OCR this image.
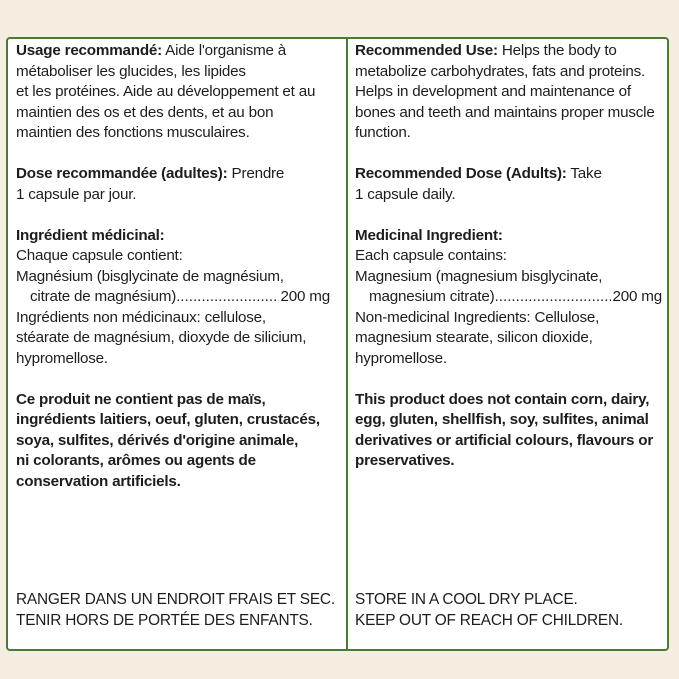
Usage recommandé: Aide l'organisme à
métaboliser les glucides, les lipides
et les protéines. Aide au développement et au
maintien des os et des dents, et au bon
maintien des fonctions musculaires.
Dose recommandée (adultes): Prendre
1 capsule par jour.
Ingrédient médicinal:
Chaque capsule contient:
Magnésium (bisglycinate de magnésium,
citrate de magnésium) .....	200 mg
Ingrédients non médicinaux: cellulose,
stéarate de magnésium, dioxyde de silicium,
hypromellose.
Ce produit ne contient pas de maïs,
ingrédients laitiers, oeuf, gluten, crustacés,
soya, sulfites, dérivés d'origine animale,
ni colorants, arômes ou agents de
conservation artificiels.
RANGER DANS UN ENDROIT FRAIS ET SEC.
TENIR HORS DE PORTÉE DES ENFANTS.
Recommended Use: Helps the body to
metabolize carbohydrates, fats and proteins.
Helps in development and maintenance of
bones and teeth and maintains proper muscle
function.
Recommended Dose (Adults): Take
1 capsule daily.
Medicinal Ingredient:
Each capsule contains:
Magnesium (magnesium bisglycinate,
magnesium citrate) .....	200 mg
Non-medicinal Ingredients: Cellulose,
magnesium stearate, silicon dioxide,
hypromellose.
This product does not contain corn, dairy,
egg, gluten, shellfish, soy, sulfites, animal
derivatives or artificial colours, flavours or
preservatives.
STORE IN A COOL DRY PLACE.
KEEP OUT OF REACH OF CHILDREN.
